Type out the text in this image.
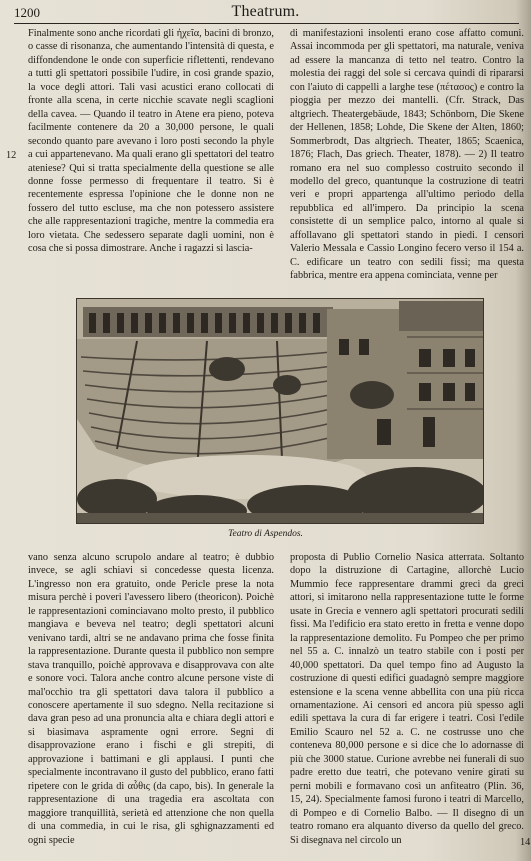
1200	Theatrum.

Finalmente sono anche ricordati gli ἠχεῖα, bacini di bronzo, o casse di risonanza, che aumentando l'intensità di questa, e diffondendone le onde con superficie riflettenti, rendevano a tutti gli spettatori possibile l'udire, in così grande spazio, la voce degli attori. Tali vasi acustici erano collocati di fronte alla scena, in certe nicchie scavate negli scaglioni della cavea. — Quando il teatro in Atene era pieno, poteva facilmente contenere da 20 a 30,000 persone, le quali secondo quanto pare avevano i loro posti secondo la phyle a cui appartenevano. Ma quali erano gli spettatori del teatro ateniese? Qui si tratta specialmente della questione se alle donne fosse permesso di frequentare il teatro. Si è recentemente espressa l'opinione che le donne non ne fossero del tutto escluse, ma che non potessero assistere che alle rappresentazioni tragiche, mentre la commedia era loro vietata. Che sedessero separate dagli uomini, non è cosa che si possa dimostrare. Anche i ragazzi si lascia-

di manifestazioni insolenti erano cose affatto comuni. Assai incommoda per gli spettatori, ma naturale, veniva ad essere la mancanza di tetto nel teatro. Contro la molestia dei raggi del sole si cercava quindi di ripararsi con l'aiuto di cappelli a larghe tese (πέτασος) e contro la pioggia per mezzo dei mantelli. (Cfr. Strack, Das altgriech. Theatergebäude, 1843; Schönborn, Die Skene der Hellenen, 1858; Lohde, Die Skene der Alten, 1860; Sommerbrodt, Das altgriech. Theater, 1865; Scaenica, 1876; Flach, Das griech. Theater, 1878). — 2) Il teatro romano era nel suo complesso costruito secondo il modello del greco, quantunque la costruzione di teatri veri e propri appartenga all'ultimo periodo della repubblica ed all'impero. Da principio la scena consistette di un semplice palco, intorno al quale si affollavano gli spettatori stando in piedi. I censori Valerio Messala e Cassio Longino fecero verso il 154 a. C. edificare un teatro con sedili fissi; ma questa fabbrica, mentre era appena cominciata, venne per

12
Teatro di Aspendos.

vano senza alcuno scrupolo andare al teatro; è dubbio invece, se agli schiavi si concedesse questa licenza. L'ingresso non era gratuito, onde Pericle prese la nota misura perchè i poveri l'avessero libero (theoricon). Poichè le rappresentazioni cominciavano molto presto, il pubblico mangiava e beveva nel teatro; degli spettatori alcuni venivano tardi, altri se ne andavano prima che fosse finita la rappresentazione. Durante questa il pubblico non sempre stava tranquillo, poichè approvava e disapprovava con alte e sonore voci. Talora anche contro alcune persone viste di mal'occhio tra gli spettatori dava talora il pubblico a conoscere apertamente il suo sdegno. Nella recitazione si dava gran peso ad una pronuncia alta e chiara degli attori e si biasimava aspramente ogni errore. Segni di disapprovazione erano i fischi e gli strepiti, di approvazione i battimani e gli applausi. I punti che specialmente incontravano il gusto del pubblico, erano fatti ripetere con le grida di αὖθις (da capo, bis). In generale la rappresentazione di una tragedia era ascoltata con maggiore tranquillità, serietà ed attenzione che non quella di una commedia, in cui le risa, gli sghignazzamenti ed ogni specie

proposta di Publio Cornelio Nasica atterrata. Soltanto dopo la distruzione di Cartagine, allorchè Lucio Mummio fece rappresentare drammi greci da greci attori, si imitarono nella rappresentazione tutte le forme usate in Grecia e vennero agli spettatori procurati sedili fissi. Ma l'edificio era stato eretto in fretta e venne dopo la rappresentazione demolito. Fu Pompeo che per primo nel 55 a. C. innalzò un teatro stabile con i posti per 40,000 spettatori. Da quel tempo fino ad Augusto la costruzione di questi edifici guadagnò sempre maggiore estensione e la scena venne abbellita con una più ricca ornamentazione. Ai censori ed ancora più spesso agli edili spettava la cura di far erigere i teatri. Così l'edile Emilio Scauro nel 52 a. C. ne costrusse uno che conteneva 80,000 persone e si dice che lo adornasse di più che 3000 statue. Curione avrebbe nei funerali di suo padre eretto due teatri, che potevano venire girati su perni mobili e formavano così un anfiteatro (Plin. 36, 15, 24). Specialmente famosi furono i teatri di Marcello, di Pompeo e di Cornelio Balbo. — Il disegno di un teatro romano era alquanto diverso da quello del greco. Si disegnava nel circolo un	14
